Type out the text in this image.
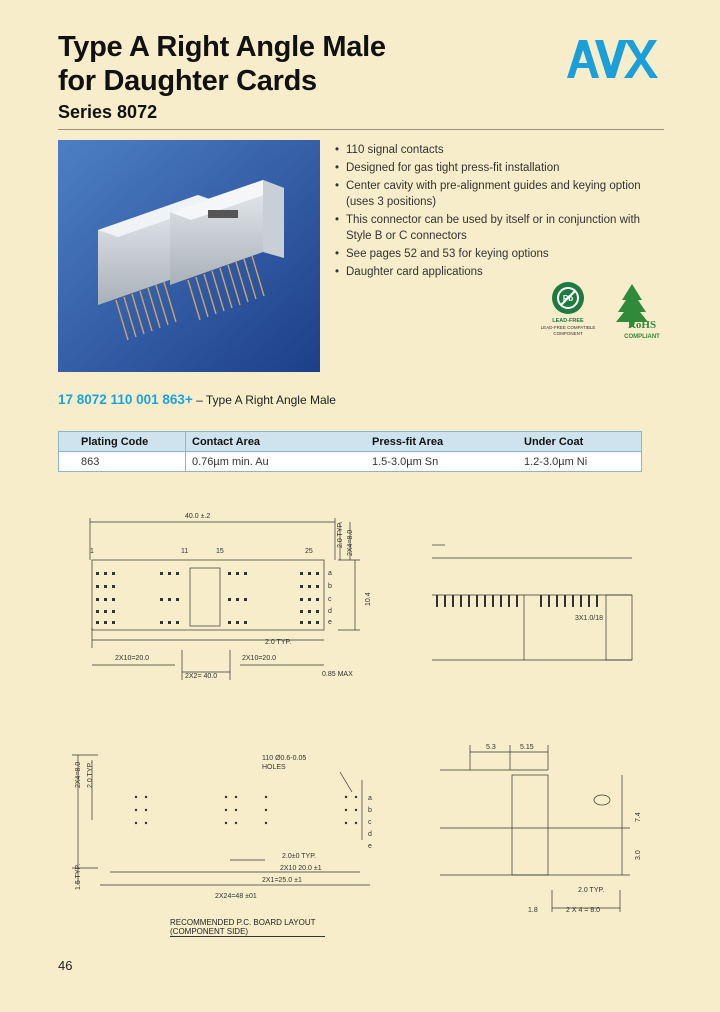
Type A Right Angle Male
for Daughter Cards
Series 8072
• 110 signal contacts
• Designed for gas tight press-fit installation
• Center cavity with pre-alignment guides and keying option (uses 3 positions)
• This connector can be used by itself or in conjunction with Style B or C connectors
• See pages 52 and 53 for keying options
• Daughter card applications
Pb
LEAD-FREE
LEAD-FREE COMPATIBLE
COMPONENT
RoHS
COMPLIANT
17 8072 110 001 863+ – Type A Right Angle Male
Plating Code	Contact Area	Press-fit Area	Under Coat
863	0.76µm min. Au	1.5-3.0µm Sn	1.2-3.0µm Ni
40.0 ±.2
1	11	15	25
2.0 TYP. 2X4=8.0
10.4
a
b
c
d
e
2.0 TYP.
2X10=20.0	2X10=20.0
2X2= 40.0	0.85 MAX
3X1.0/18
2X4=8.0 2.0 TYP.
1.5 TYP.
110 Ø0.6-0.05
HOLES
a
b
c
d
e
2.0±0 TYP.
2X10 20.0 ±1
2X1=25.0 ±1
2X24=48 ±01
5.3	5.15
7.4
3.0
2.0 TYP.
1.8	2 X 4 = 8.0
RECOMMENDED P.C. BOARD LAYOUT
(COMPONENT SIDE)
46
